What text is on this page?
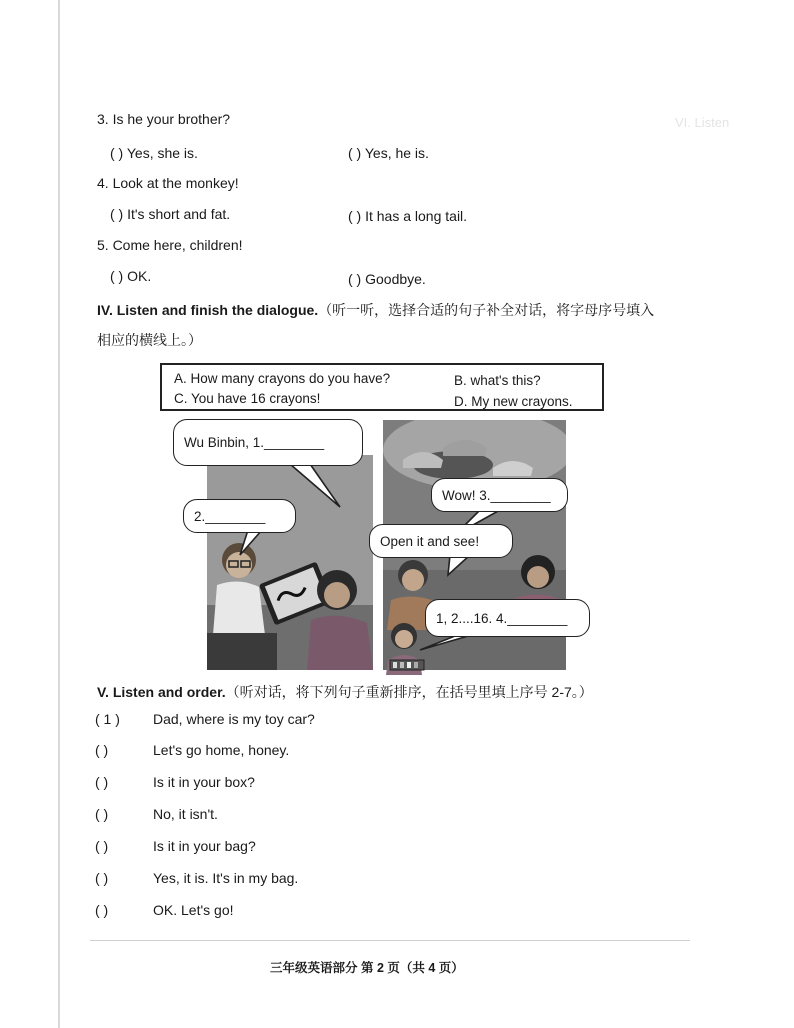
VI. Listen
3. Is he your brother?
( ) Yes, she is.	( ) Yes, he is.
4. Look at the monkey!
( ) It's short and fat.	( ) It has a long tail.
5. Come here, children!
( ) OK.	( ) Goodbye.
IV. Listen and finish the dialogue.（听一听，选择合适的句子补全对话，将字母序号填入
相应的横线上。）
A. How many crayons do you have?	B. what's this?
C. You have 16 crayons!	D. My new crayons.
Wu Binbin, 1.________
2.________
Wow! 3.________
Open it and see!
1, 2....16. 4.________
V. Listen and order.（听对话，将下列句子重新排序，在括号里填上序号 2-7。）
( 1 ) Dad, where is my toy car?
( )	Let's go home, honey.
( )	Is it in your box?
( )	No, it isn't.
( )	Is it in your bag?
( )	Yes, it is. It's in my bag.
( )	OK. Let's go!
三年级英语部分 第 2 页（共 4 页）
